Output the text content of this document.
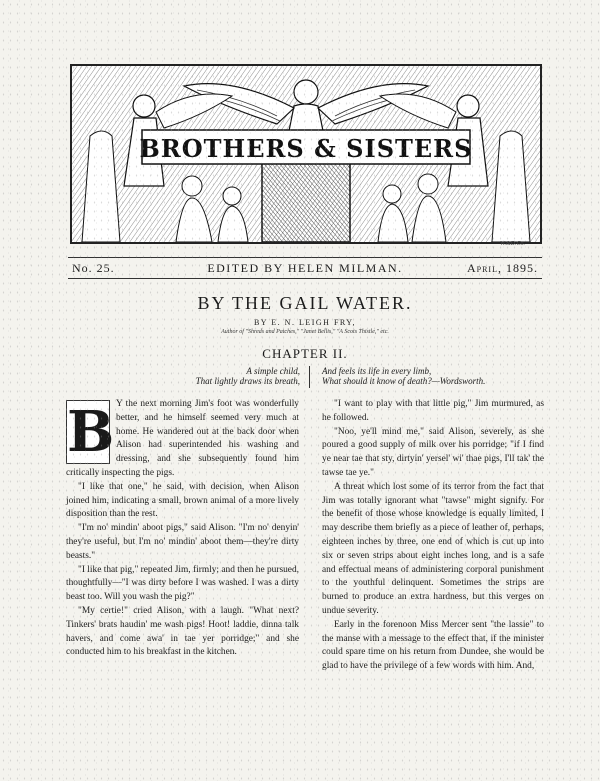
BROTHERS & SISTERS
W.&D.Co.
No. 25.	EDITED BY HELEN MILMAN.	April, 1895.
BY THE GAIL WATER.
BY E. N. LEIGH FRY,
Author of "Shreds and Patches," "Janet Bellis," "A Scots Thistle," etc.
CHAPTER II.
A simple child,
That lightly draws its breath,
And feels its life in every limb,
What should it know of death?—Wordsworth.
B Y the next morning Jim's foot was wonderfully better, and he himself seemed very much at home. He wandered out at the back door when Alison had superintended his washing and dressing, and she subsequently found him critically inspecting the pigs.

"I like that one," he said, with decision, when Alison joined him, indicating a small, brown animal of a more lively disposition than the rest.

"I'm no' mindin' aboot pigs," said Alison. "I'm no' denyin' they're useful, but I'm no' mindin' aboot them—they're dirty beasts."

"I like that pig," repeated Jim, firmly; and then he pursued, thoughtfully—"I was dirty before I was washed. I was a dirty beast too. Will you wash the pig?"

"My certie!" cried Alison, with a laugh. "What next? Tinkers' brats haudin' me wash pigs! Hoot! laddie, dinna talk havers, and come awa' in tae yer porridge;" and she conducted him to his breakfast in the kitchen.

"I want to play with that little pig," Jim murmured, as he followed.

"Noo, ye'll mind me," said Alison, severely, as she poured a good supply of milk over his porridge; "if I find ye near tae that sty, dirtyin' yersel' wi' thae pigs, I'll tak' the tawse tae ye."

A threat which lost some of its terror from the fact that Jim was totally ignorant what "tawse" might signify. For the benefit of those whose knowledge is equally limited, I may describe them briefly as a piece of leather of, perhaps, eighteen inches by three, one end of which is cut up into six or seven strips about eight inches long, and is a safe and effectual means of administering corporal punishment to the youthful delinquent. Sometimes the strips are burned to produce an extra hardness, but this verges on undue severity.

Early in the forenoon Miss Mercer sent "the lassie" to the manse with a message to the effect that, if the minister could spare time on his return from Dundee, she would be glad to have the privilege of a few words with him. And,
